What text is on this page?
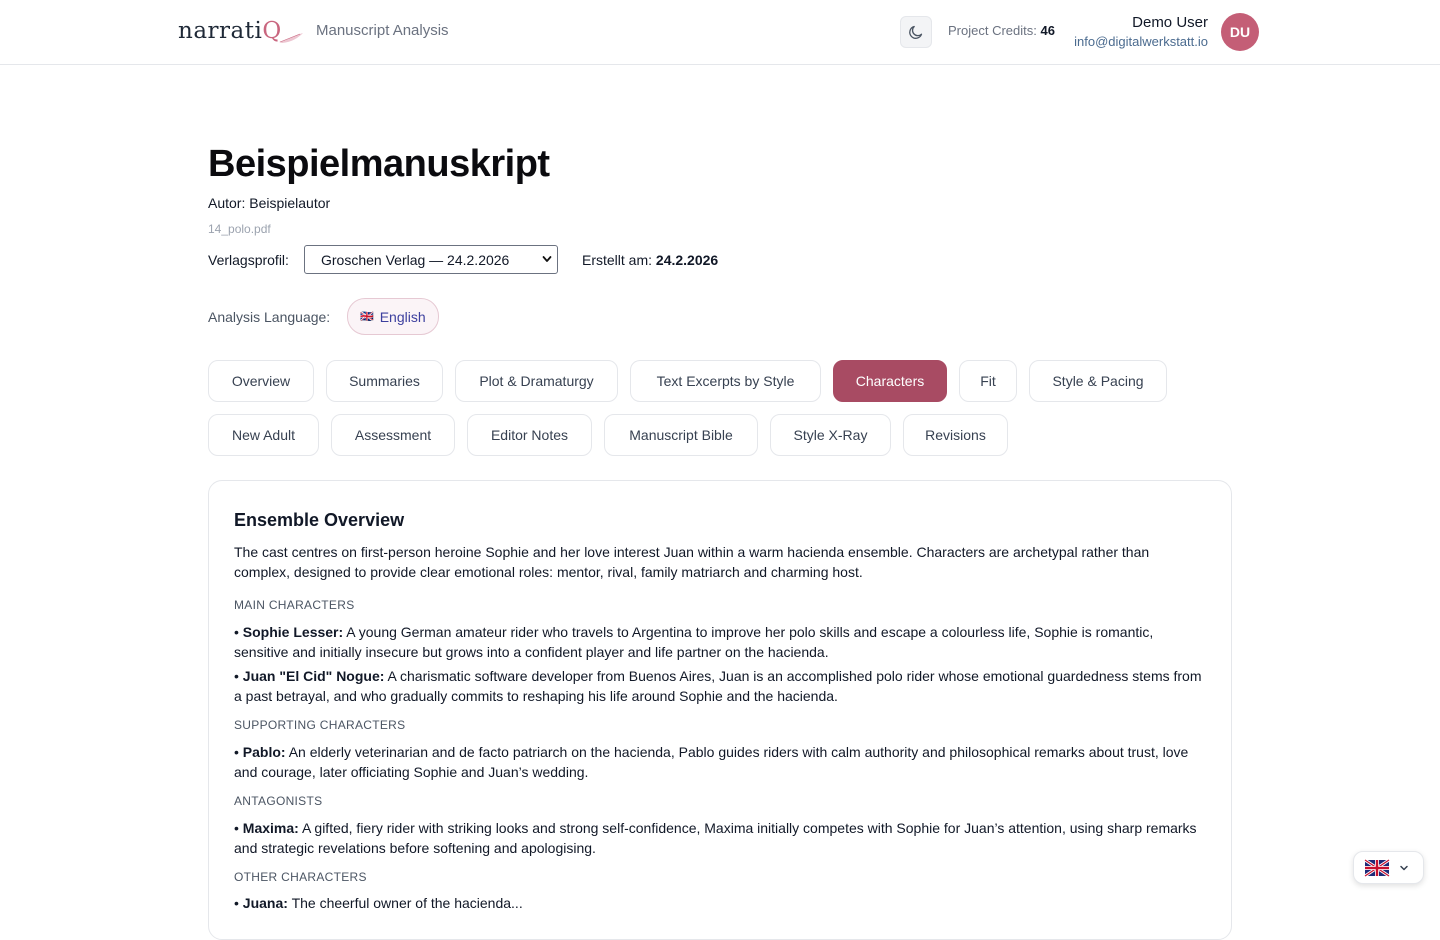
narrati Q Manuscript Analysis	Project Credits: 46	Demo User
info@digitalwerkstatt.io
DU
Beispielmanuskript
Autor: Beispielautor
14_polo.pdf
Verlagsprofil: Groschen Verlag — 24.2.2026	Erstellt am: 24.2.2026
Analysis Language:	🇬🇧 English
Overview	Summaries	Plot & Dramaturgy	Text Excerpts by Style	Characters	Fit	Style & Pacing
New Adult	Assessment	Editor Notes	Manuscript Bible	Style X-Ray	Revisions
Ensemble Overview
The cast centres on first-person heroine Sophie and her love interest Juan within a warm hacienda ensemble. Characters are archetypal rather than complex, designed to provide clear emotional roles: mentor, rival, family matriarch and charming host.
MAIN CHARACTERS
• Sophie Lesser: A young German amateur rider who travels to Argentina to improve her polo skills and escape a colourless life, Sophie is romantic, sensitive and initially insecure but grows into a confident player and life partner on the hacienda.
• Juan "El Cid" Nogue: A charismatic software developer from Buenos Aires, Juan is an accomplished polo rider whose emotional guardedness stems from a past betrayal, and who gradually commits to reshaping his life around Sophie and the hacienda.
SUPPORTING CHARACTERS
• Pablo: An elderly veterinarian and de facto patriarch on the hacienda, Pablo guides riders with calm authority and philosophical remarks about trust, love and courage, later officiating Sophie and Juan’s wedding.
ANTAGONISTS
• Maxima: A gifted, fiery rider with striking looks and strong self-confidence, Maxima initially competes with Sophie for Juan’s attention, using sharp remarks and strategic revelations before softening and apologising.
OTHER CHARACTERS
• Juana: The cheerful owner of the hacienda...
